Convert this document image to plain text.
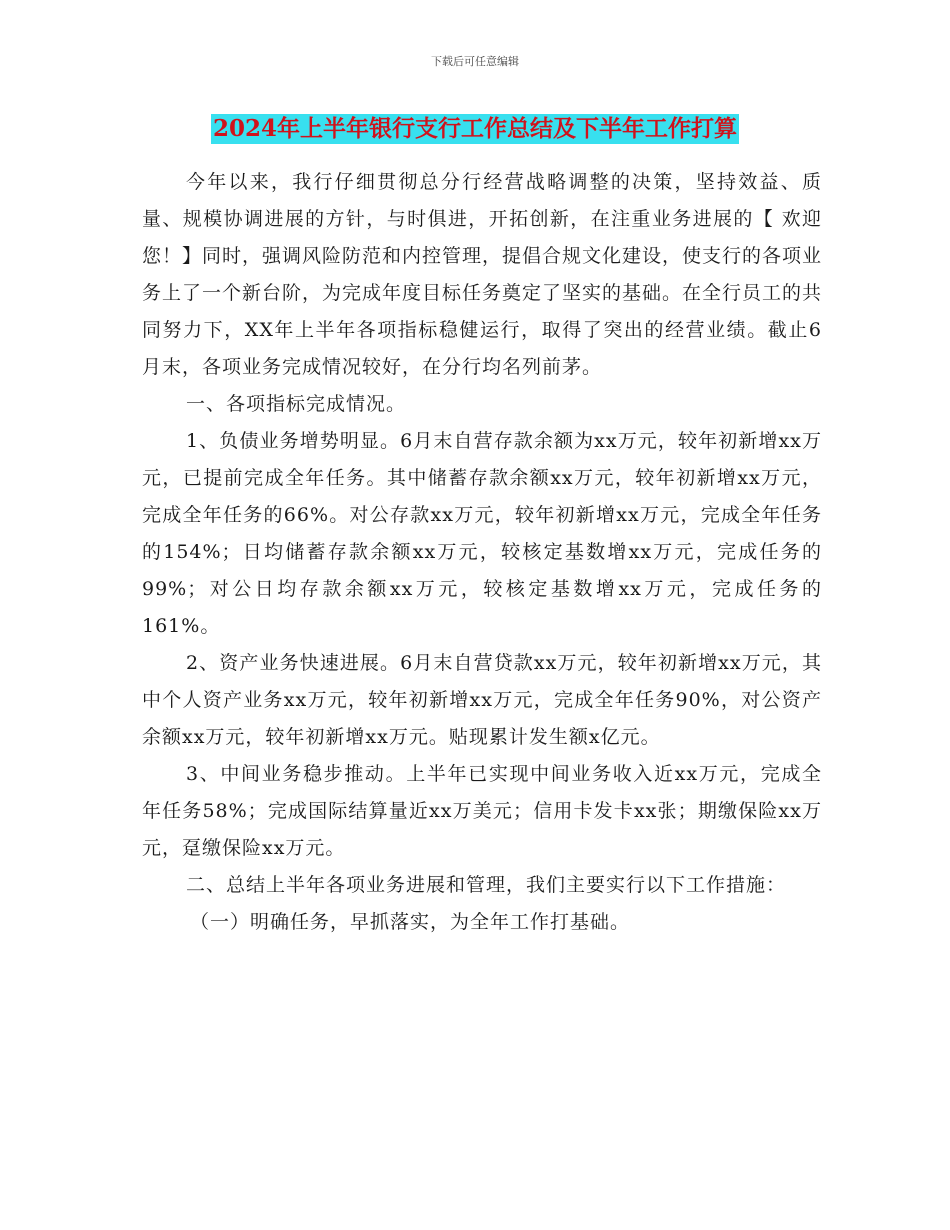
下载后可任意编辑
2024年上半年银行支行工作总结及下半年工作打算

今年以来，我行仔细贯彻总分行经营战略调整的决策，坚持效益、质量、规模协调进展的方针，与时俱进，开拓创新，在注重业务进展的【 欢迎您！】同时，强调风险防范和内控管理，提倡合规文化建设，使支行的各项业务上了一个新台阶，为完成年度目标任务奠定了坚实的基础。在全行员工的共同努力下，XX年上半年各项指标稳健运行，取得了突出的经营业绩。截止6月末，各项业务完成情况较好，在分行均名列前茅。

一、各项指标完成情况。

1、负债业务增势明显。6月末自营存款余额为xx万元，较年初新增xx万元，已提前完成全年任务。其中储蓄存款余额xx万元，较年初新增xx万元，完成全年任务的66%。对公存款xx万元，较年初新增xx万元，完成全年任务的154%；日均储蓄存款余额xx万元，较核定基数增xx万元，完成任务的99%；对公日均存款余额xx万元，较核定基数增xx万元，完成任务的161%。

2、资产业务快速进展。6月末自营贷款xx万元，较年初新增xx万元，其中个人资产业务xx万元，较年初新增xx万元，完成全年任务90%，对公资产余额xx万元，较年初新增xx万元。贴现累计发生额x亿元。

3、中间业务稳步推动。上半年已实现中间业务收入近xx万元，完成全年任务58%；完成国际结算量近xx万美元；信用卡发卡xx张；期缴保险xx万元，趸缴保险xx万元。

二、总结上半年各项业务进展和管理，我们主要实行以下工作措施：

（一）明确任务，早抓落实，为全年工作打基础。
